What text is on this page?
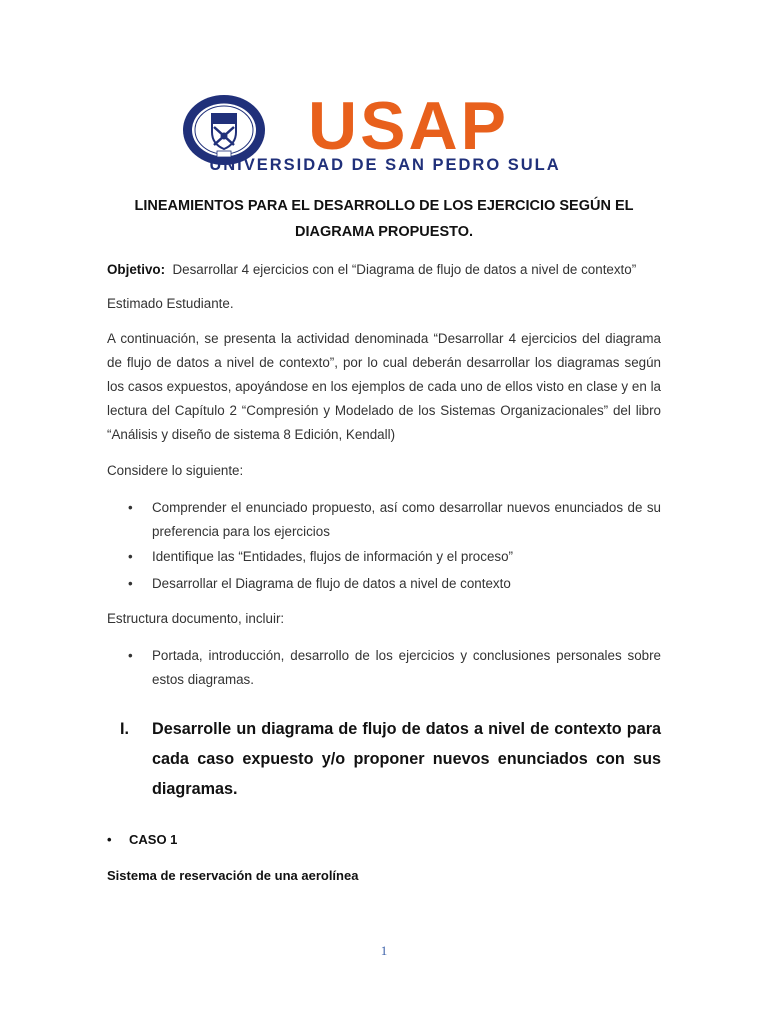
USAP
UNIVERSIDAD DE SAN PEDRO SULA
LINEAMIENTOS PARA EL DESARROLLO DE LOS EJERCICIO SEGÚN EL
DIAGRAMA PROPUESTO.
Objetivo: Desarrollar 4 ejercicios con el “Diagrama de flujo de datos a nivel de contexto”
Estimado Estudiante.
A continuación, se presenta la actividad denominada “Desarrollar 4 ejercicios del diagrama de flujo de datos a nivel de contexto”, por lo cual deberán desarrollar los diagramas según los casos expuestos, apoyándose en los ejemplos de cada uno de ellos visto en clase y en la lectura del Capítulo 2 “Compresión y Modelado de los Sistemas Organizacionales” del libro “Análisis y diseño de sistema 8 Edición, Kendall)
Considere lo siguiente:
•	Comprender el enunciado propuesto, así como desarrollar nuevos enunciados de su preferencia para los ejercicios
•	Identifique las “Entidades, flujos de información y el proceso”
•	Desarrollar el Diagrama de flujo de datos a nivel de contexto
Estructura documento, incluir:
•	Portada, introducción, desarrollo de los ejercicios y conclusiones personales sobre estos diagramas.
I. Desarrolle un diagrama de flujo de datos a nivel de contexto para cada caso expuesto y/o proponer nuevos enunciados con sus diagramas.
• CASO 1
Sistema de reservación de una aerolínea
1
